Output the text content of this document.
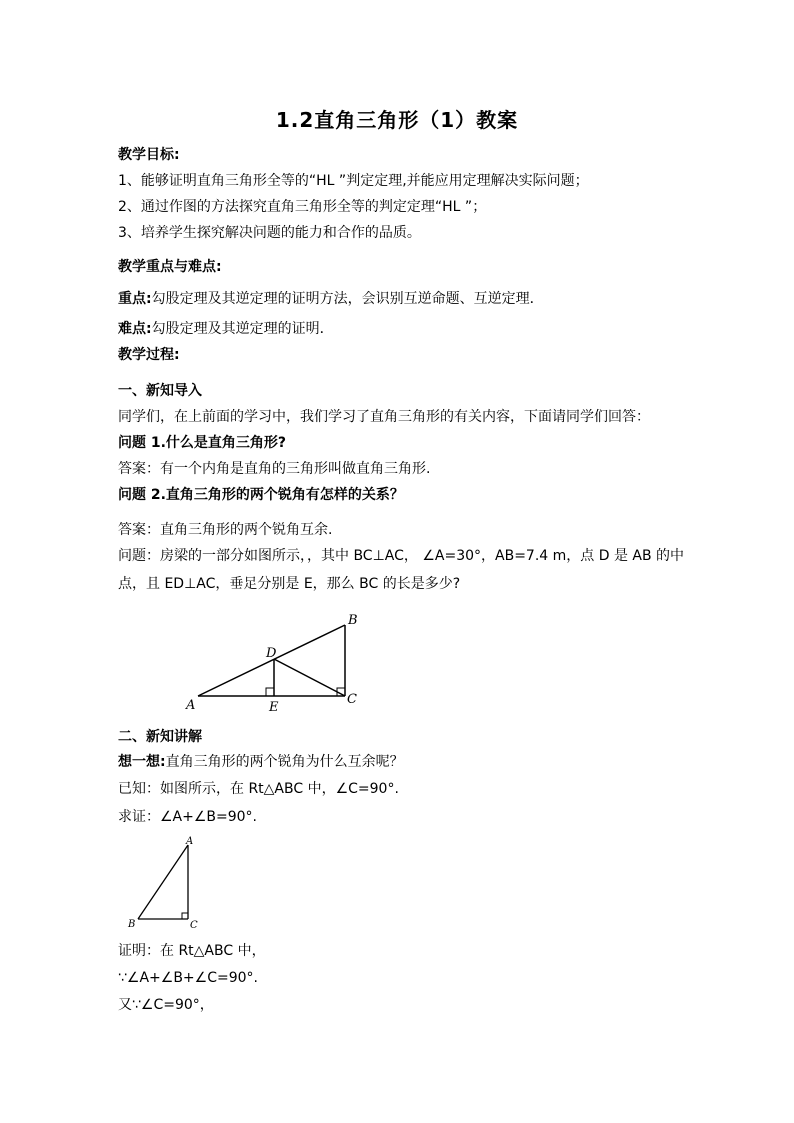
1.2直角三角形（1）教案
教学目标:
1、能够证明直角三角形全等的“HL ”判定定理,并能应用定理解决实际问题；
2、通过作图的方法探究直角三角形全等的判定定理“HL ”；
3、培养学生探究解决问题的能力和合作的品质。
教学重点与难点:
重点:勾股定理及其逆定理的证明方法，会识别互逆命题、互逆定理．
难点:勾股定理及其逆定理的证明．
教学过程:
一、新知导入
同学们，在上前面的学习中，我们学习了直角三角形的有关内容，下面请同学们回答：
问题 1.什么是直角三角形?
答案：有一个内角是直角的三角形叫做直角三角形.
问题 2.直角三角形的两个锐角有怎样的关系？
答案：直角三角形的两个锐角互余.
问题：房梁的一部分如图所示，，其中 BC⊥AC， ∠A=30°，AB=7.4 m，点 D 是 AB 的中
点，且 ED⊥AC，垂足分别是 E，那么 BC 的长是多少?
A
B
C
D
E
二、新知讲解
想一想:直角三角形的两个锐角为什么互余呢？
已知：如图所示，在 Rt△ABC 中，∠C=90°.
求证：∠A+∠B=90°.
A
B	C
证明：在 Rt△ABC 中，
∵∠A+∠B+∠C=90°.
又∵∠C=90°，
